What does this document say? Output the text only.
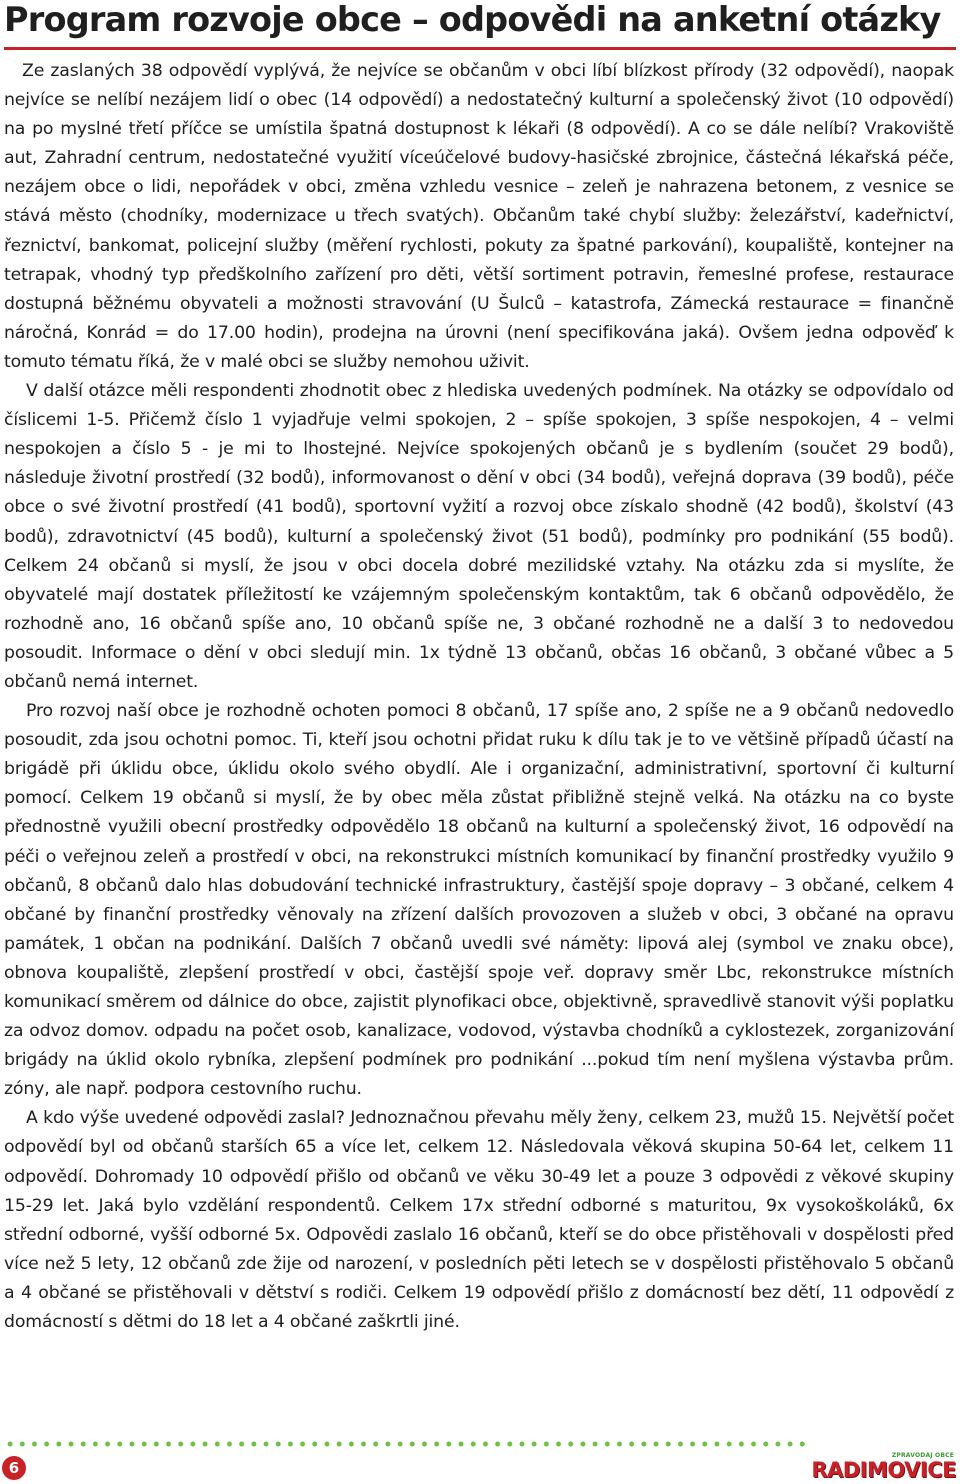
Program rozvoje obce – odpovědi na anketní otázky

Ze zaslaných 38 odpovědí vyplývá, že nejvíce se občanům v obci líbí blízkost přírody (32 odpovědí), naopak nejvíce se nelíbí nezájem lidí o obec (14 odpovědí) a nedostatečný kulturní a společenský život (10 odpovědí) na po myslné třetí příčce se umístila špatná dostupnost k lékaři (8 odpovědí). A co se dále nelíbí? Vrakoviště aut, Zahradní centrum, nedostatečné využití víceúčelové budovy-hasičské zbrojnice, částečná lékařská péče, nezájem obce o lidi, nepořádek v obci, změna vzhledu vesnice – zeleň je nahrazena betonem, z vesnice se stává město (chodníky, modernizace u třech svatých). Občanům také chybí služby: železářství, kadeřnictví, řeznictví, bankomat, policejní služby (měření rychlosti, pokuty za špatné parkování), koupaliště, kontejner na tetrapak, vhodný typ předškolního zařízení pro děti, větší sortiment potravin, řemeslné profese, restaurace dostupná běžnému obyvateli a možnosti stravování (U Šulců – katastrofa, Zámecká restaurace = finančně náročná, Konrád = do 17.00 hodin), prodejna na úrovni (není specifikována jaká). Ovšem jedna odpověď k tomuto tématu říká, že v malé obci se služby nemohou uživit.

V další otázce měli respondenti zhodnotit obec z hlediska uvedených podmínek. Na otázky se odpovídalo od číslicemi 1-5. Přičemž číslo 1 vyjadřuje velmi spokojen, 2 – spíše spokojen, 3 spíše nespokojen, 4 – velmi nespokojen a číslo 5 - je mi to lhostejné. Nejvíce spokojených občanů je s bydlením (součet 29 bodů), následuje životní prostředí (32 bodů), informovanost o dění v obci (34 bodů), veřejná doprava (39 bodů), péče obce o své životní prostředí (41 bodů), sportovní vyžití a rozvoj obce získalo shodně (42 bodů), školství (43 bodů), zdravotnictví (45 bodů), kulturní a společenský život (51 bodů), podmínky pro podnikání (55 bodů). Celkem 24 občanů si myslí, že jsou v obci docela dobré mezilidské vztahy. Na otázku zda si myslíte, že obyvatelé mají dostatek příležitostí ke vzájemným společenským kontaktům, tak 6 občanů odpovědělo, že rozhodně ano, 16 občanů spíše ano, 10 občanů spíše ne, 3 občané rozhodně ne a další 3 to nedovedou posoudit. Informace o dění v obci sledují min. 1x týdně 13 občanů, občas 16 občanů, 3 občané vůbec a 5 občanů nemá internet.

Pro rozvoj naší obce je rozhodně ochoten pomoci 8 občanů, 17 spíše ano, 2 spíše ne a 9 občanů nedovedlo posoudit, zda jsou ochotni pomoc. Ti, kteří jsou ochotni přidat ruku k dílu tak je to ve většině případů účastí na brigádě při úklidu obce, úklidu okolo svého obydlí. Ale i organizační, administrativní, sportovní či kulturní pomocí. Celkem 19 občanů si myslí, že by obec měla zůstat přibližně stejně velká. Na otázku na co byste přednostně využili obecní prostředky odpovědělo 18 občanů na kulturní a společenský život, 16 odpovědí na péči o veřejnou zeleň a prostředí v obci, na rekonstrukci místních komunikací by finanční prostředky využilo 9 občanů, 8 občanů dalo hlas dobudování technické infrastruktury, častější spoje dopravy – 3 občané, celkem 4 občané by finanční prostředky věnovaly na zřízení dalších provozoven a služeb v obci, 3 občané na opravu památek, 1 občan na podnikání. Dalších 7 občanů uvedli své náměty: lipová alej (symbol ve znaku obce), obnova koupaliště, zlepšení prostředí v obci, častější spoje veř. dopravy směr Lbc, rekonstrukce místních komunikací směrem od dálnice do obce, zajistit plynofikaci obce, objektivně, spravedlivě stanovit výši poplatku za odvoz domov. odpadu na počet osob, kanalizace, vodovod, výstavba chodníků a cyklostezek, zorganizování brigády na úklid okolo rybníka, zlepšení podmínek pro podnikání ...pokud tím není myšlena výstavba prům. zóny, ale např. podpora cestovního ruchu.

A kdo výše uvedené odpovědi zaslal? Jednoznačnou převahu měly ženy, celkem 23, mužů 15. Největší počet odpovědí byl od občanů starších 65 a více let, celkem 12. Následovala věková skupina 50-64 let, celkem 11 odpovědí. Dohromady 10 odpovědí přišlo od občanů ve věku 30-49 let a pouze 3 odpovědi z věkové skupiny 15-29 let. Jaká bylo vzdělání respondentů. Celkem 17x střední odborné s maturitou, 9x vysokoškoláků, 6x střední odborné, vyšší odborné 5x. Odpovědi zaslalo 16 občanů, kteří se do obce přistěhovali v dospělosti před více než 5 lety, 12 občanů zde žije od narození, v posledních pěti letech se v dospělosti přistěhovalo 5 občanů a 4 občané se přistěhovali v dětství s rodiči. Celkem 19 odpovědí přišlo z domácností bez dětí, 11 odpovědí z domácností s dětmi do 18 let a 4 občané zaškrtli jiné.

6
ZPRAVODAJ OBCE
RADIMOVICE
